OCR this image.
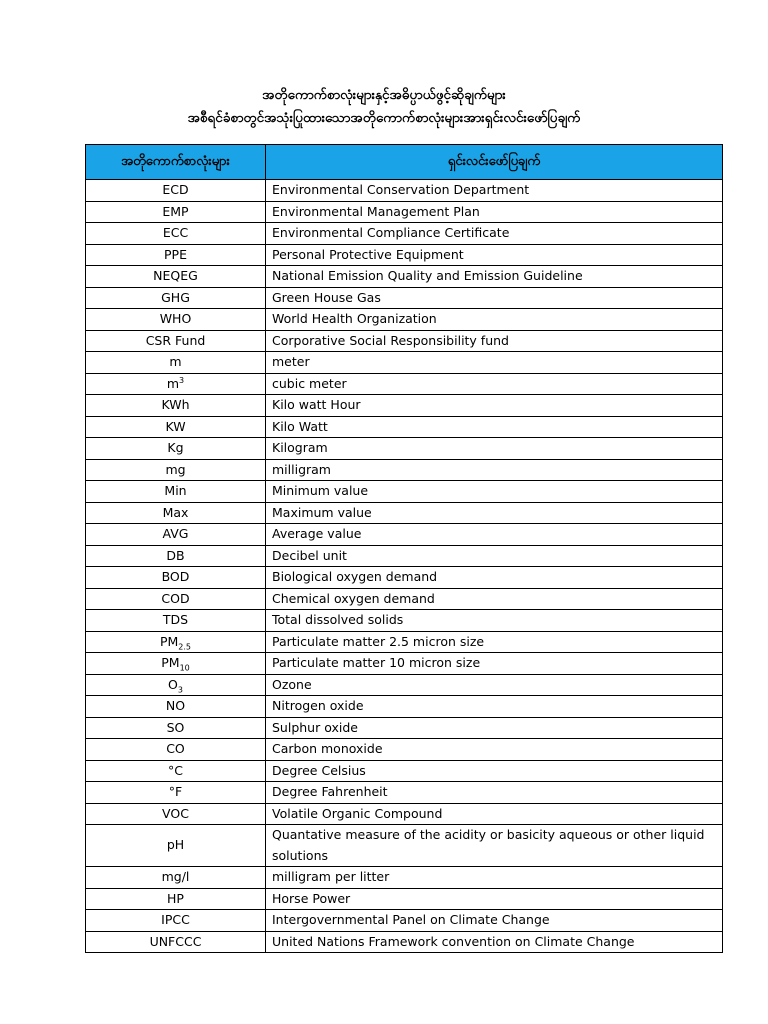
အတိုကောက်စာလုံးများနှင့်အဓိပ္ပာယ်ဖွင့်ဆိုချက်များ
အစီရင်ခံစာတွင်အသုံးပြုထားသောအတိုကောက်စာလုံးများအားရှင်းလင်းဖော်ပြချက်
အတိုကောက်စာလုံးများ	ရှင်းလင်းဖော်ပြချက်
ECD	Environmental Conservation Department
EMP	Environmental Management Plan
ECC	Environmental Compliance Certificate
PPE	Personal Protective Equipment
NEQEG	National Emission Quality and Emission Guideline
GHG	Green House Gas
WHO	World Health Organization
CSR Fund	Corporative Social Responsibility fund
m	meter
$m^3$	cubic meter
KWh	Kilo watt Hour
KW	Kilo Watt
Kg	Kilogram
mg	milligram
Min	Minimum value
Max	Maximum value
AVG	Average value
DB	Decibel unit
BOD	Biological oxygen demand
COD	Chemical oxygen demand
TDS	Total dissolved solids
$PM_{2.5}$	Particulate matter 2.5 micron size
$PM_{10}$	Particulate matter 10 micron size
$O_3$	Ozone
NO	Nitrogen oxide
SO	Sulphur oxide
CO	Carbon monoxide
°C	Degree Celsius
°F	Degree Fahrenheit
VOC	Volatile Organic Compound
pH	Quantative measure of the acidity or basicity aqueous or other liquid solutions
mg/l	milligram per litter
HP	Horse Power
IPCC	Intergovernmental Panel on Climate Change
UNFCCC	United Nations Framework convention on Climate Change
